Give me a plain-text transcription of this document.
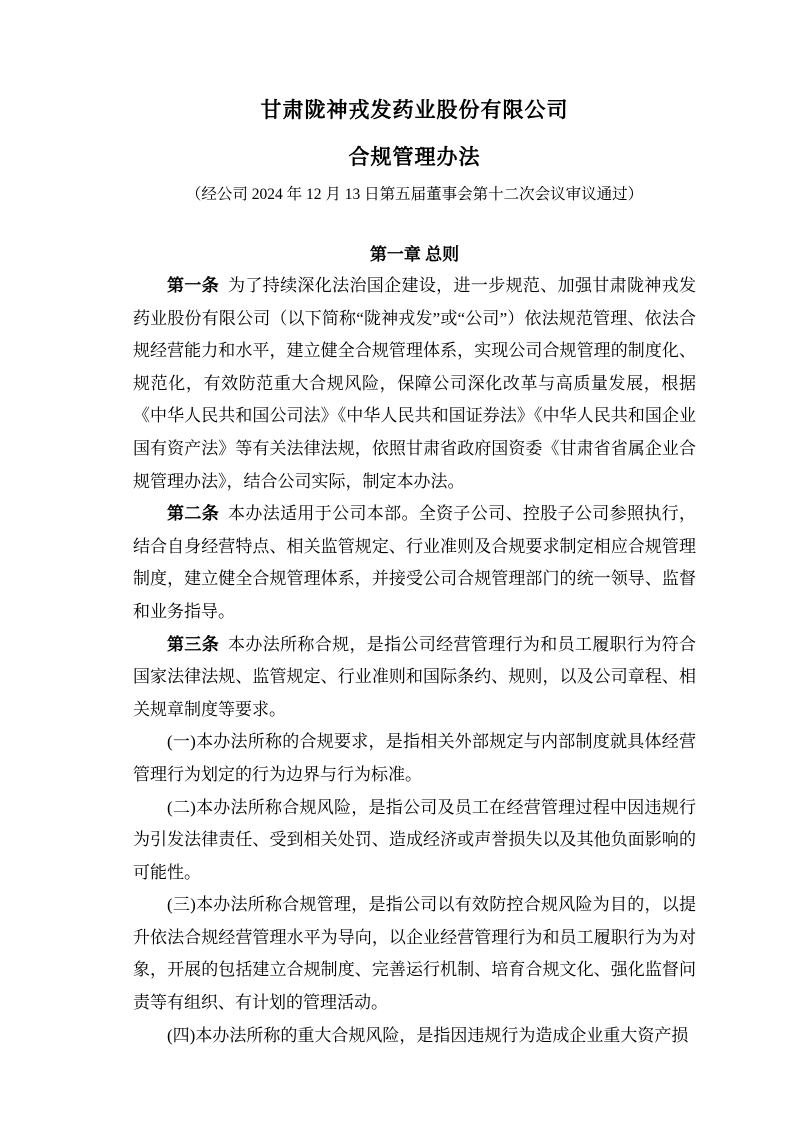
甘肃陇神戎发药业股份有限公司
合规管理办法
（经公司 2024 年 12 月 13 日第五届董事会第十二次会议审议通过）
第一章 总则

第一条 为了持续深化法治国企建设，进一步规范、加强甘肃陇神戎发药业股份有限公司（以下简称“陇神戎发”或“公司”）依法规范管理、依法合规经营能力和水平，建立健全合规管理体系，实现公司合规管理的制度化、规范化，有效防范重大合规风险，保障公司深化改革与高质量发展，根据《中华人民共和国公司法》《中华人民共和国证券法》《中华人民共和国企业国有资产法》等有关法律法规，依照甘肃省政府国资委《甘肃省省属企业合规管理办法》，结合公司实际，制定本办法。

第二条 本办法适用于公司本部。全资子公司、控股子公司参照执行，结合自身经营特点、相关监管规定、行业准则及合规要求制定相应合规管理制度，建立健全合规管理体系，并接受公司合规管理部门的统一领导、监督和业务指导。

第三条 本办法所称合规，是指公司经营管理行为和员工履职行为符合国家法律法规、监管规定、行业准则和国际条约、规则，以及公司章程、相关规章制度等要求。

(一)本办法所称的合规要求，是指相关外部规定与内部制度就具体经营管理行为划定的行为边界与行为标准。

(二)本办法所称合规风险，是指公司及员工在经营管理过程中因违规行为引发法律责任、受到相关处罚、造成经济或声誉损失以及其他负面影响的可能性。

(三)本办法所称合规管理，是指公司以有效防控合规风险为目的，以提升依法合规经营管理水平为导向，以企业经营管理行为和员工履职行为为对象，开展的包括建立合规制度、完善运行机制、培育合规文化、强化监督问责等有组织、有计划的管理活动。

(四)本办法所称的重大合规风险，是指因违规行为造成企业重大资产损
